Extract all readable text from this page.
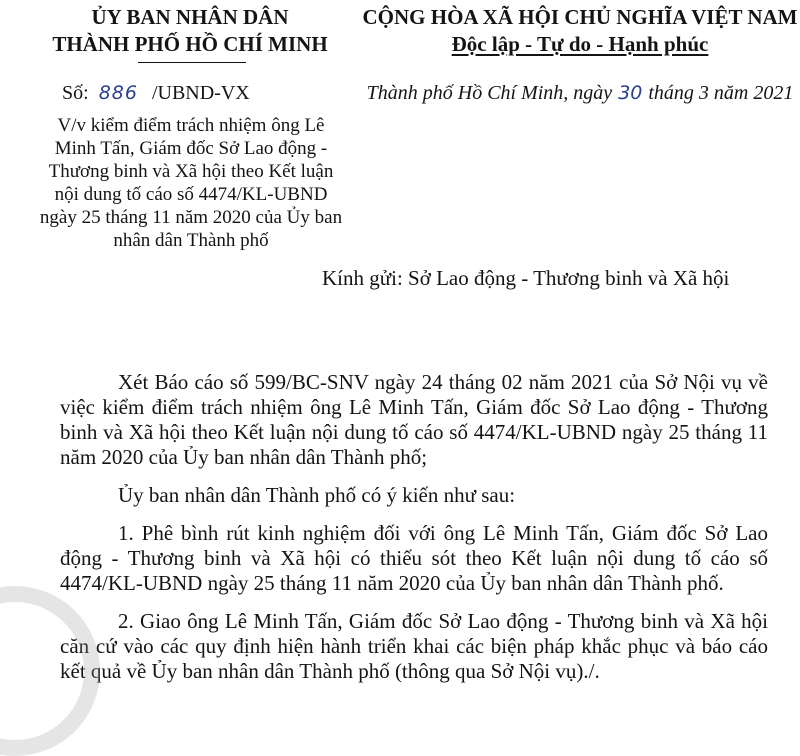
ỦY BAN NHÂN DÂN
THÀNH PHỐ HỒ CHÍ MINH
CỘNG HÒA XÃ HỘI CHỦ NGHĨA VIỆT NAM
Độc lập - Tự do - Hạnh phúc
Số: 886 /UBND-VX	Thành phố Hồ Chí Minh, ngày 30 tháng 3 năm 2021
V/v kiểm điểm trách nhiệm ông Lê Minh Tấn, Giám đốc Sở Lao động - Thương binh và Xã hội theo Kết luận nội dung tố cáo số 4474/KL-UBND ngày 25 tháng 11 năm 2020 của Ủy ban nhân dân Thành phố
Kính gửi: Sở Lao động - Thương binh và Xã hội

Xét Báo cáo số 599/BC-SNV ngày 24 tháng 02 năm 2021 của Sở Nội vụ về việc kiểm điểm trách nhiệm ông Lê Minh Tấn, Giám đốc Sở Lao động - Thương binh và Xã hội theo Kết luận nội dung tố cáo số 4474/KL-UBND ngày 25 tháng 11 năm 2020 của Ủy ban nhân dân Thành phố;

Ủy ban nhân dân Thành phố có ý kiến như sau:

1. Phê bình rút kinh nghiệm đối với ông Lê Minh Tấn, Giám đốc Sở Lao động - Thương binh và Xã hội có thiếu sót theo Kết luận nội dung tố cáo số 4474/KL-UBND ngày 25 tháng 11 năm 2020 của Ủy ban nhân dân Thành phố.

2. Giao ông Lê Minh Tấn, Giám đốc Sở Lao động - Thương binh và Xã hội căn cứ vào các quy định hiện hành triển khai các biện pháp khắc phục và báo cáo kết quả về Ủy ban nhân dân Thành phố (thông qua Sở Nội vụ)./.
